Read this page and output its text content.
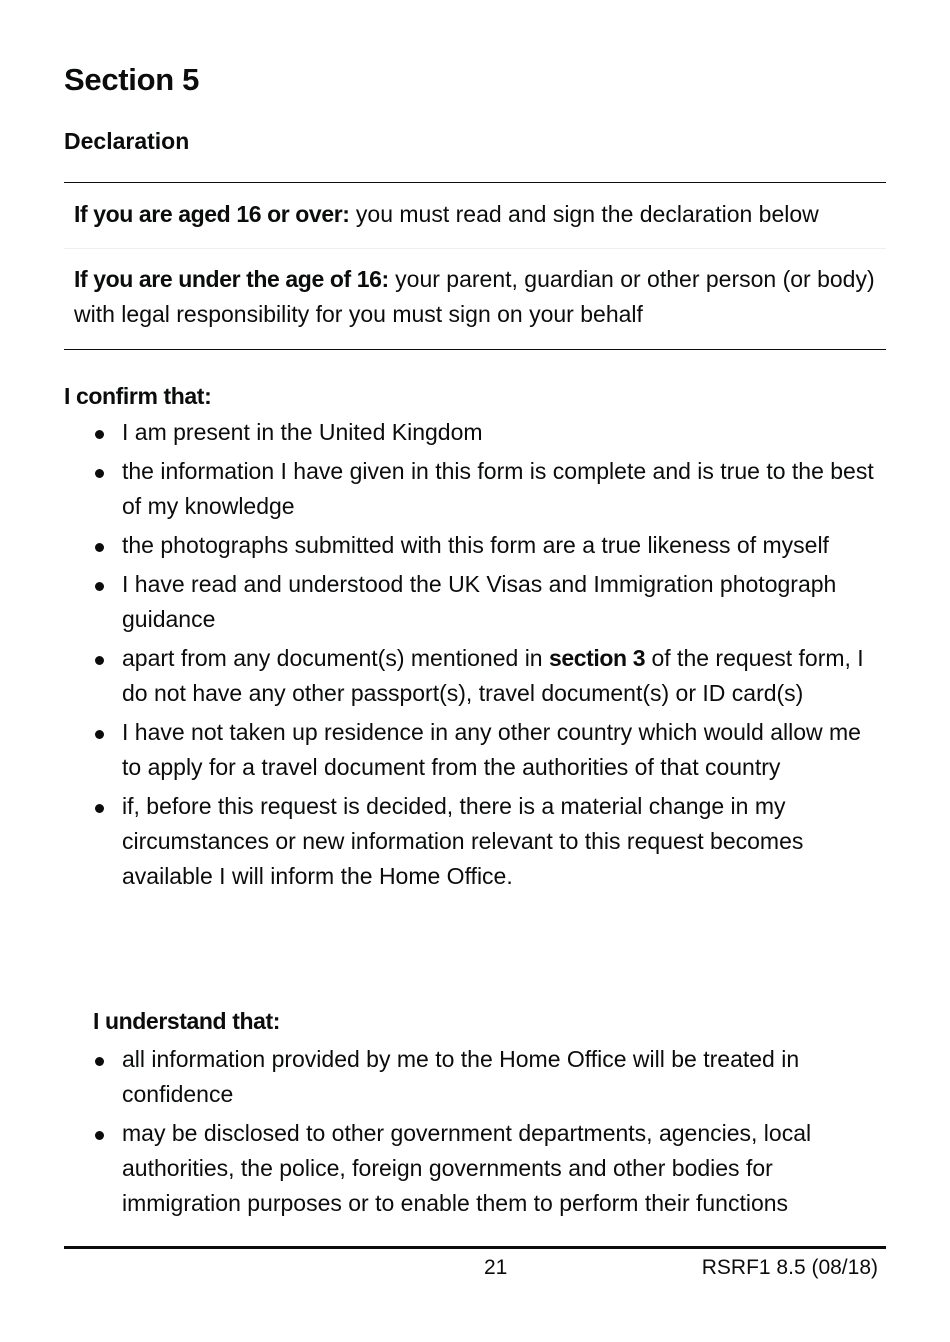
Section 5
Declaration
If you are aged 16 or over: you must read and sign the declaration below
If you are under the age of 16: your parent, guardian or other person (or body) with legal responsibility for you must sign on your behalf
I confirm that:
I am present in the United Kingdom
the information I have given in this form is complete and is true to the best of my knowledge
the photographs submitted with this form are a true likeness of myself
I have read and understood the UK Visas and Immigration photograph guidance
apart from any document(s) mentioned in section 3 of the request form, I do not have any other passport(s), travel document(s) or ID card(s)
I have not taken up residence in any other country which would allow me to apply for a travel document from the authorities of that country
if, before this request is decided, there is a material change in my circumstances or new information relevant to this request becomes available I will inform the Home Office.
I understand that:
all information provided by me to the Home Office will be treated in confidence
may be disclosed to other government departments, agencies, local authorities, the police, foreign governments and other bodies for immigration purposes or to enable them to perform their functions
21	RSRF1 8.5 (08/18)
